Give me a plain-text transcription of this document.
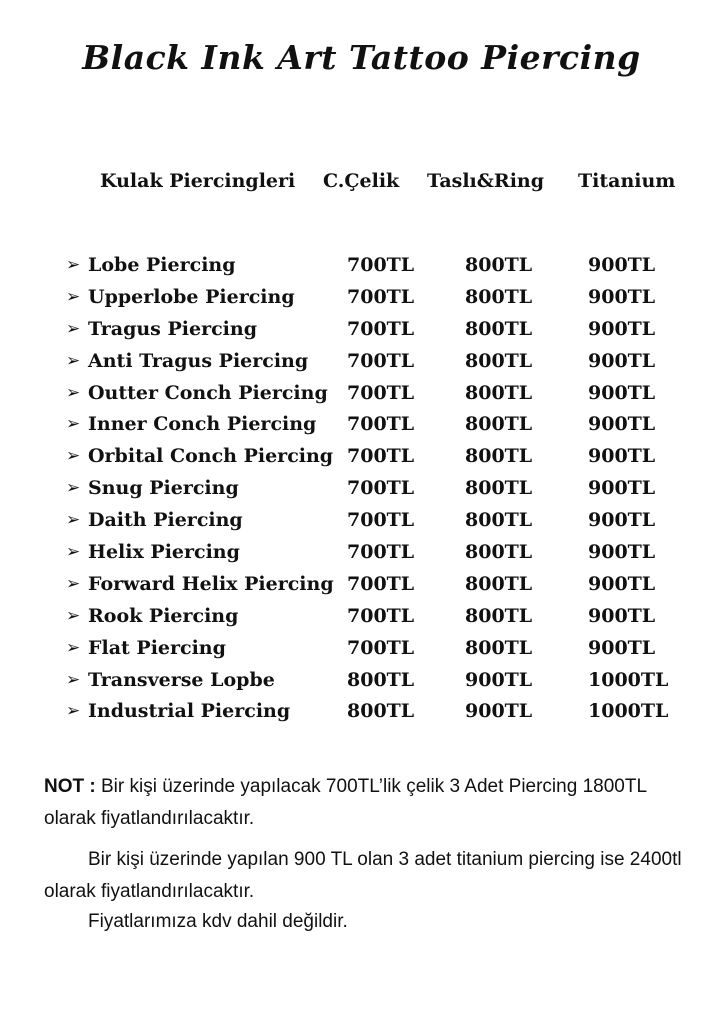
Black Ink Art Tattoo Piercing
Kulak Piercingleri C.Çelik Taslı&Ring Titanium
➢ Lobe Piercing	700TL	800TL	900TL
➢ Upperlobe Piercing	700TL	800TL	900TL
➢ Tragus Piercing	700TL	800TL	900TL
➢ Anti Tragus Piercing 700TL	800TL	900TL
➢ Outter Conch Piercing 700TL	800TL	900TL
➢ Inner Conch Piercing 700TL	800TL	900TL
➢ Orbital Conch Piercing 700TL	800TL	900TL
➢ Snug Piercing	700TL	800TL	900TL
➢ Daith Piercing	700TL	800TL	900TL
➢ Helix Piercing	700TL	800TL	900TL
➢ Forward Helix Piercing 700TL	800TL	900TL
➢ Rook Piercing	700TL	800TL	900TL
➢ Flat Piercing	700TL	800TL	900TL
➢ Transverse Lopbe	800TL	900TL	1000TL
➢ Industrial Piercing	800TL	900TL	1000TL
NOT : Bir kişi üzerinde yapılacak 700TL’lik çelik 3 Adet Piercing 1800TL olarak fiyatlandırılacaktır.
Bir kişi üzerinde yapılan 900 TL olan 3 adet titanium piercing ise 2400tl olarak fiyatlandırılacaktır.
Fiyatlarımıza kdv dahil değildir.
